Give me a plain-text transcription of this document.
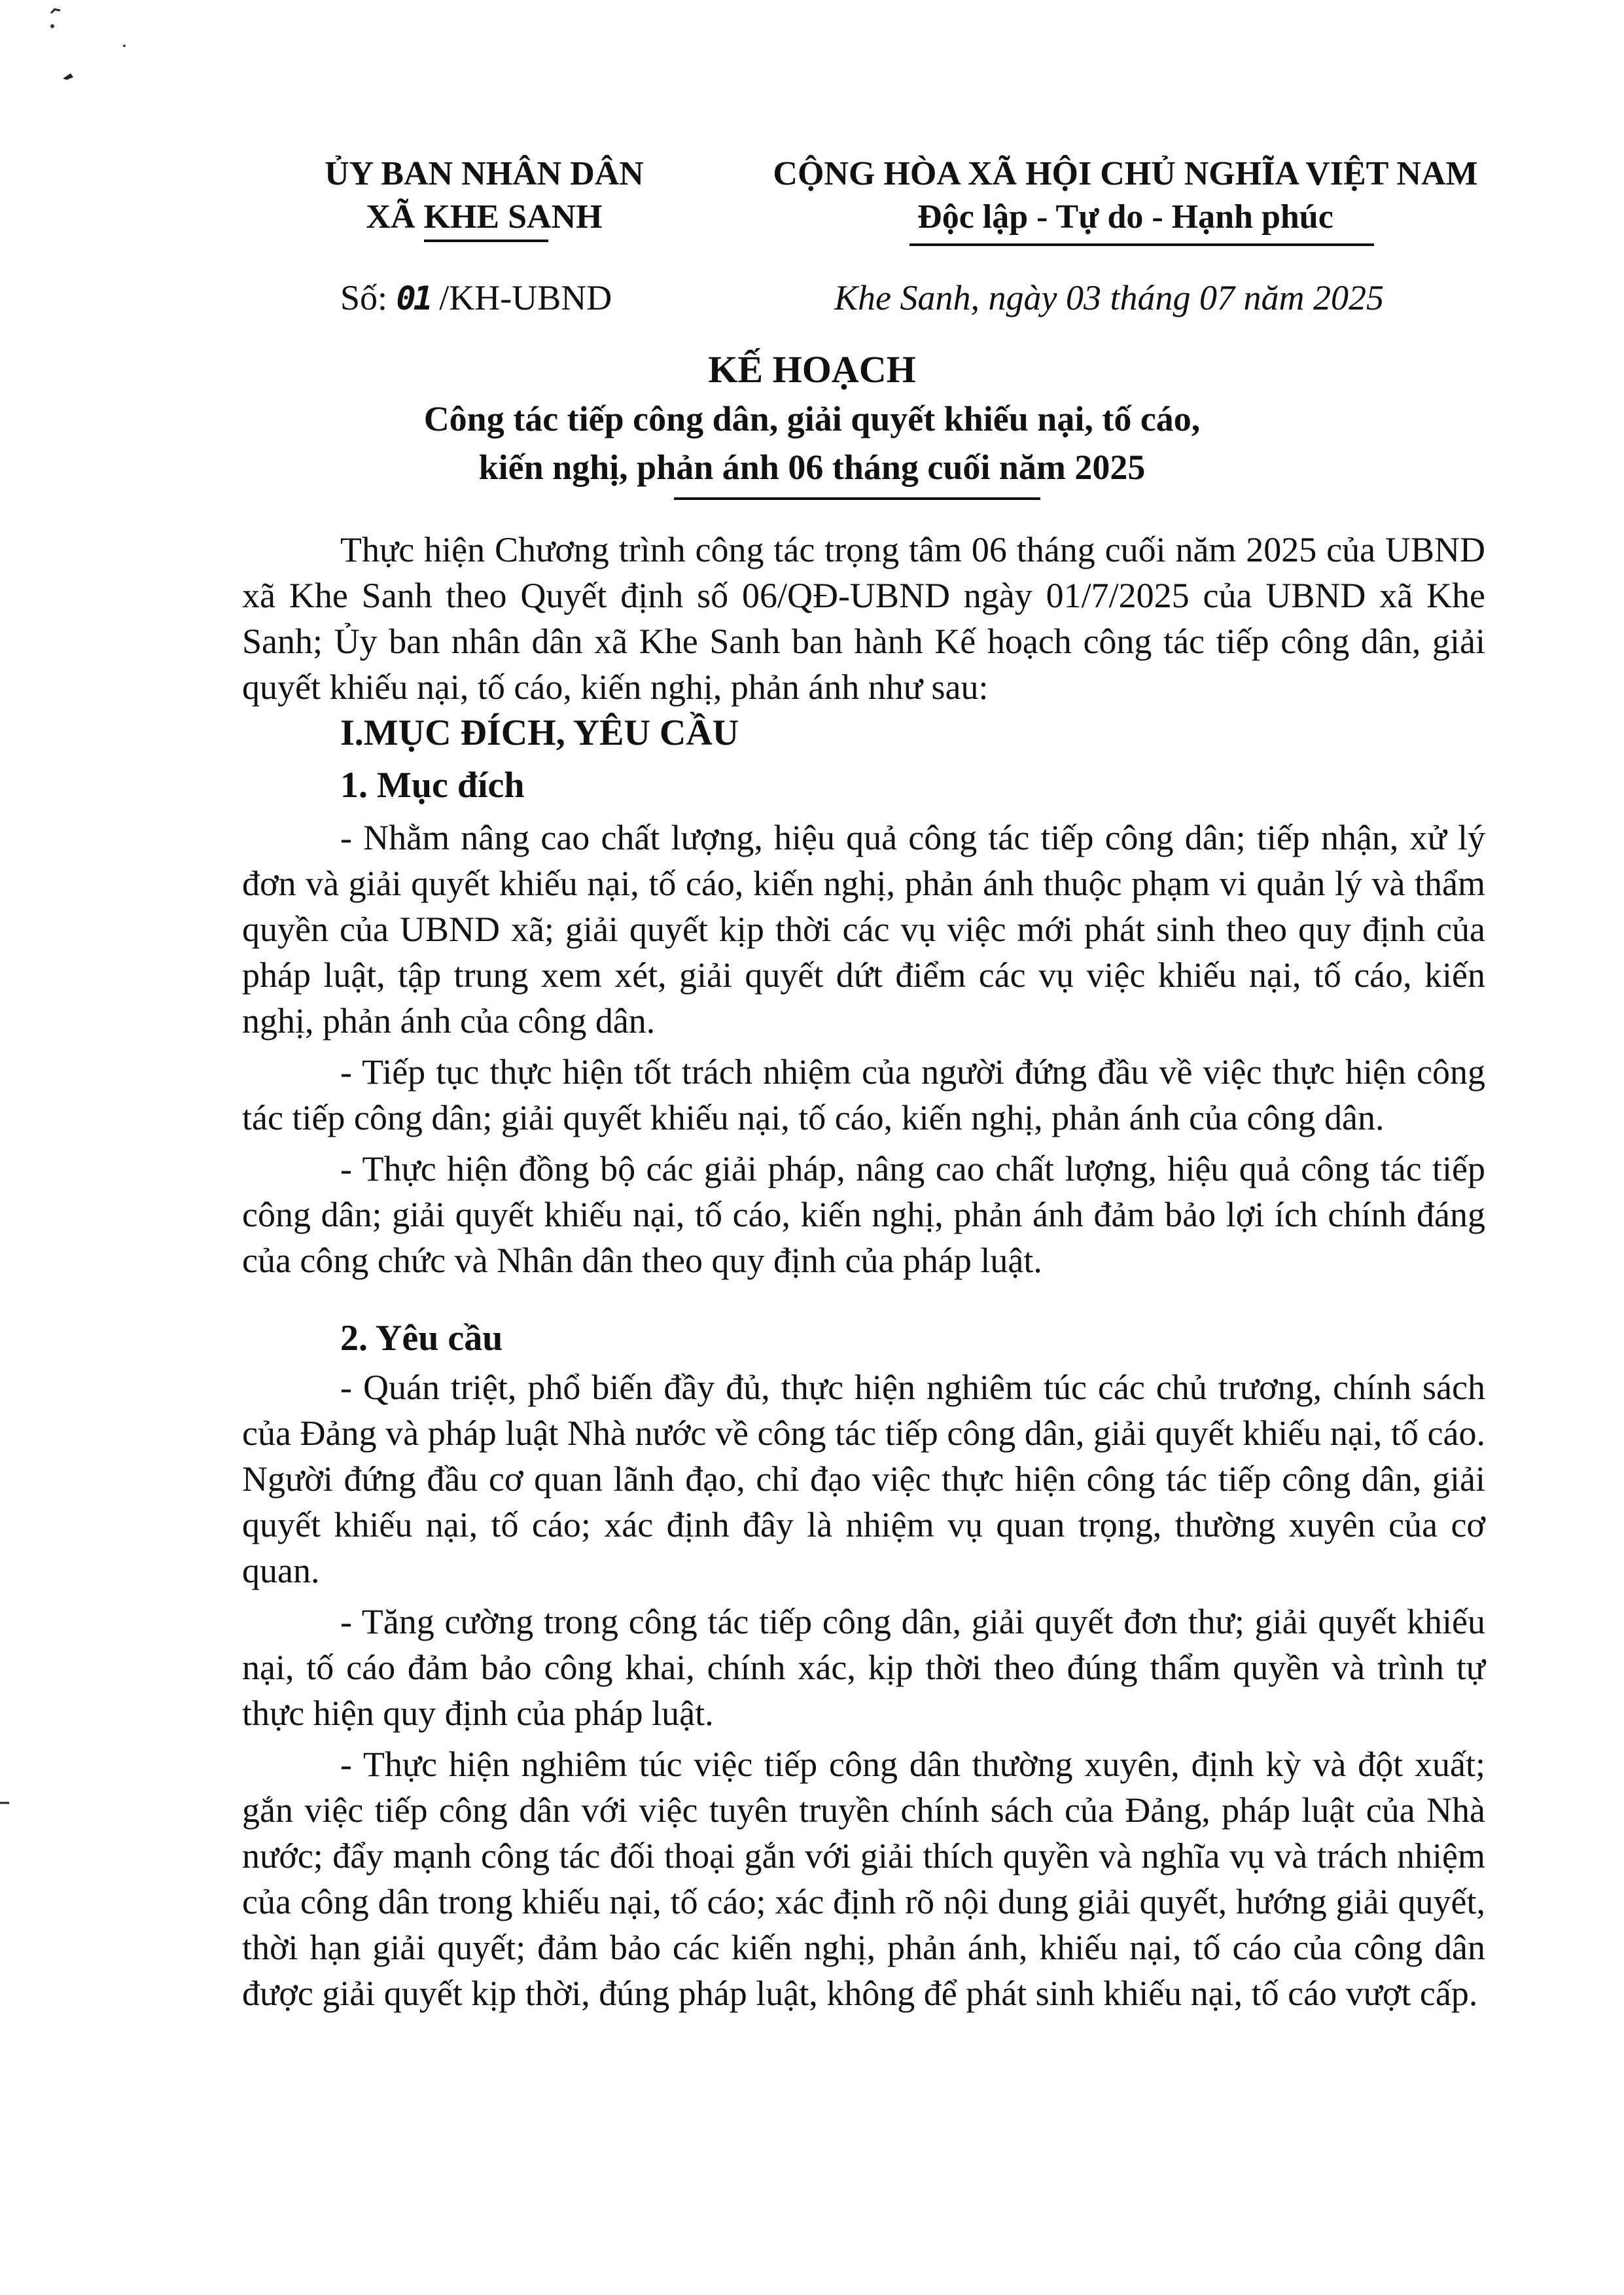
ỦY BAN NHÂN DÂN
XÃ KHE SANH
CỘNG HÒA XÃ HỘI CHỦ NGHĨA VIỆT NAM
Độc lập - Tự do - Hạnh phúc
Số: 01 /KH-UBND	Khe Sanh, ngày 03 tháng 07 năm 2025
KẾ HOẠCH
Công tác tiếp công dân, giải quyết khiếu nại, tố cáo,
kiến nghị, phản ánh 06 tháng cuối năm 2025

Thực hiện Chương trình công tác trọng tâm 06 tháng cuối năm 2025 của UBND xã Khe Sanh theo Quyết định số 06/QĐ-UBND ngày 01/7/2025 của UBND xã Khe Sanh; Ủy ban nhân dân xã Khe Sanh ban hành Kế hoạch công tác tiếp công dân, giải quyết khiếu nại, tố cáo, kiến nghị, phản ánh như sau:

I.MỤC ĐÍCH, YÊU CẦU
1. Mục đích

- Nhằm nâng cao chất lượng, hiệu quả công tác tiếp công dân; tiếp nhận, xử lý đơn và giải quyết khiếu nại, tố cáo, kiến nghị, phản ánh thuộc phạm vi quản lý và thẩm quyền của UBND xã; giải quyết kịp thời các vụ việc mới phát sinh theo quy định của pháp luật, tập trung xem xét, giải quyết dứt điểm các vụ việc khiếu nại, tố cáo, kiến nghị, phản ánh của công dân.

- Tiếp tục thực hiện tốt trách nhiệm của người đứng đầu về việc thực hiện công tác tiếp công dân; giải quyết khiếu nại, tố cáo, kiến nghị, phản ánh của công dân.

- Thực hiện đồng bộ các giải pháp, nâng cao chất lượng, hiệu quả công tác tiếp công dân; giải quyết khiếu nại, tố cáo, kiến nghị, phản ánh đảm bảo lợi ích chính đáng của công chức và Nhân dân theo quy định của pháp luật.

2. Yêu cầu

- Quán triệt, phổ biến đầy đủ, thực hiện nghiêm túc các chủ trương, chính sách của Đảng và pháp luật Nhà nước về công tác tiếp công dân, giải quyết khiếu nại, tố cáo. Người đứng đầu cơ quan lãnh đạo, chỉ đạo việc thực hiện công tác tiếp công dân, giải quyết khiếu nại, tố cáo; xác định đây là nhiệm vụ quan trọng, thường xuyên của cơ quan.

- Tăng cường trong công tác tiếp công dân, giải quyết đơn thư; giải quyết khiếu nại, tố cáo đảm bảo công khai, chính xác, kịp thời theo đúng thẩm quyền và trình tự thực hiện quy định của pháp luật.

- Thực hiện nghiêm túc việc tiếp công dân thường xuyên, định kỳ và đột xuất; gắn việc tiếp công dân với việc tuyên truyền chính sách của Đảng, pháp luật của Nhà nước; đẩy mạnh công tác đối thoại gắn với giải thích quyền và nghĩa vụ và trách nhiệm của công dân trong khiếu nại, tố cáo; xác định rõ nội dung giải quyết, hướng giải quyết, thời hạn giải quyết; đảm bảo các kiến nghị, phản ánh, khiếu nại, tố cáo của công dân được giải quyết kịp thời, đúng pháp luật, không để phát sinh khiếu nại, tố cáo vượt cấp.
